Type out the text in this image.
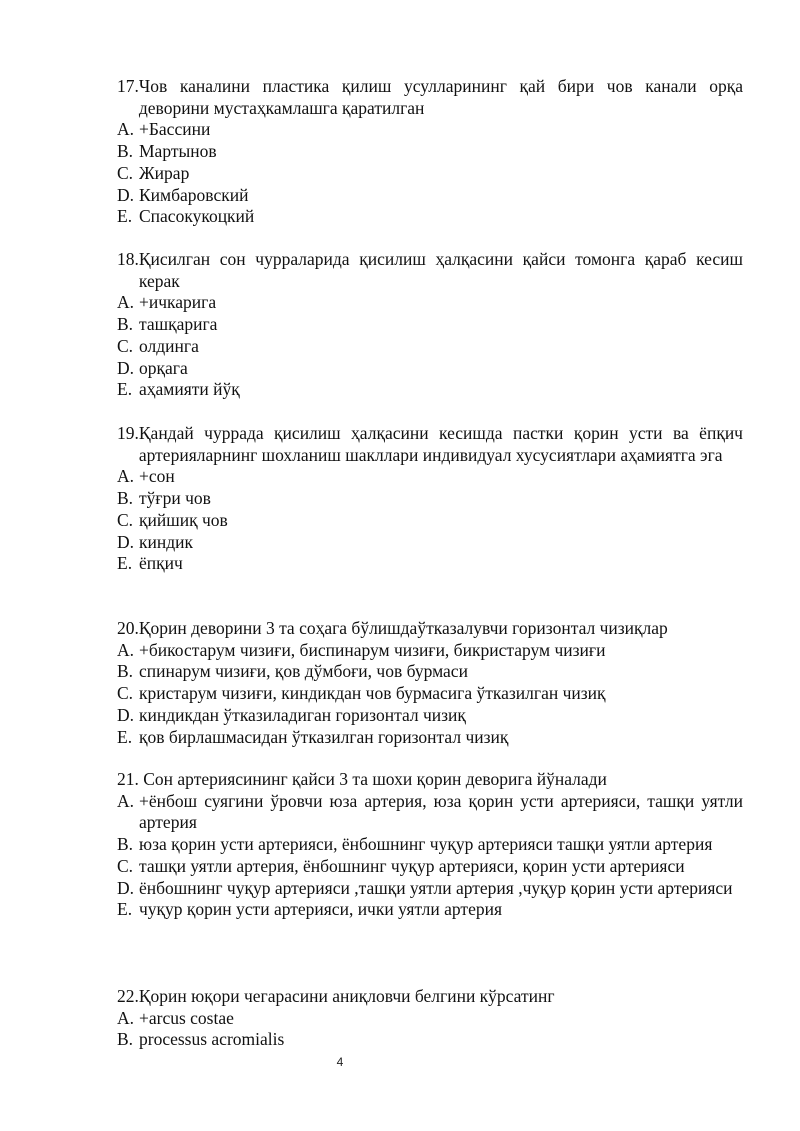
17. Чов каналини пластика қилиш усулларининг қай бири чов канали орқа деворини мустаҳкамлашга қаратилган
A. +Бассини
B. Мартынов
C. Жирар
D. Кимбаровский
E. Спасокукоцкий
18. Қисилган сон чурраларида қисилиш ҳалқасини қайси томонга қараб кесиш керак
A. +ичкарига
B. ташқарига
C. олдинга
D. орқага
E. аҳамияти йўқ
19. Қандай чуррада қисилиш ҳалқасини кесишда пастки қорин усти ва ёпқич артерияларнинг шохланиш шакллари индивидуал хусусиятлари аҳамиятга эга
A. +сон
B. тўғри чов
C. қийшиқ чов
D. киндик
E. ёпқич
20. Қорин деворини 3 та соҳага бўлишдаўтказалувчи горизонтал чизиқлар
A. +бикостарум чизиғи, биспинарум чизиғи, бикристарум чизиғи
B. спинарум чизиғи, қов дўмбоғи, чов бурмаси
C. кристарум чизиғи, киндикдан чов бурмасига ўтказилган чизиқ
D. киндикдан ўтказиладиган горизонтал чизиқ
E. қов бирлашмасидан ўтказилган горизонтал чизиқ
21. Сон артериясининг қайси 3 та шохи қорин деворига йўналади
A. +ёнбош суягини ўровчи юза артерия, юза қорин усти артерияси, ташқи уятли артерия
B. юза қорин усти артерияси, ёнбошнинг чуқур артерияси ташқи уятли артерия
C. ташқи уятли артерия, ёнбошнинг чуқур артерияси, қорин усти артерияси
D. ёнбошнинг чуқур артерияси ,ташқи уятли артерия ,чуқур қорин усти артерияси
E. чуқур қорин усти артерияси, ички уятли артерия
22. Қорин юқори чегарасини аниқловчи белгини кўрсатинг
A. +arcus costae
B. processus acromialis
4
